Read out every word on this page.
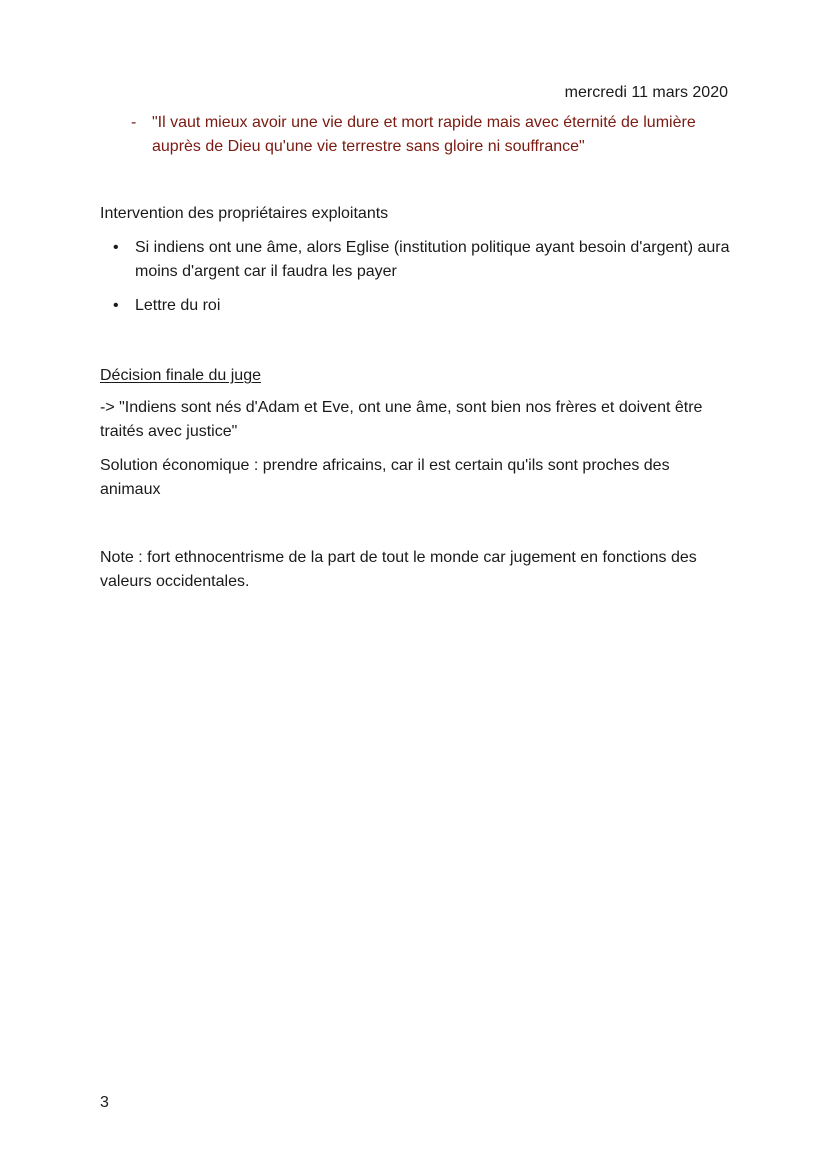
mercredi 11 mars 2020
- "Il vaut mieux avoir une vie dure et mort rapide mais avec éternité de lumière auprès de Dieu qu'une vie terrestre sans gloire ni souffrance"
Intervention des propriétaires exploitants
•	Si indiens ont une âme, alors Eglise (institution politique ayant besoin d'argent) aura moins d'argent car il faudra les payer
•	Lettre du roi
Décision finale du juge
-> "Indiens sont nés d'Adam et Eve, ont une âme, sont bien nos frères et doivent être traités avec justice"
Solution économique : prendre africains, car il est certain qu'ils sont proches des animaux
Note : fort ethnocentrisme de la part de tout le monde car jugement en fonctions des valeurs occidentales.
3
